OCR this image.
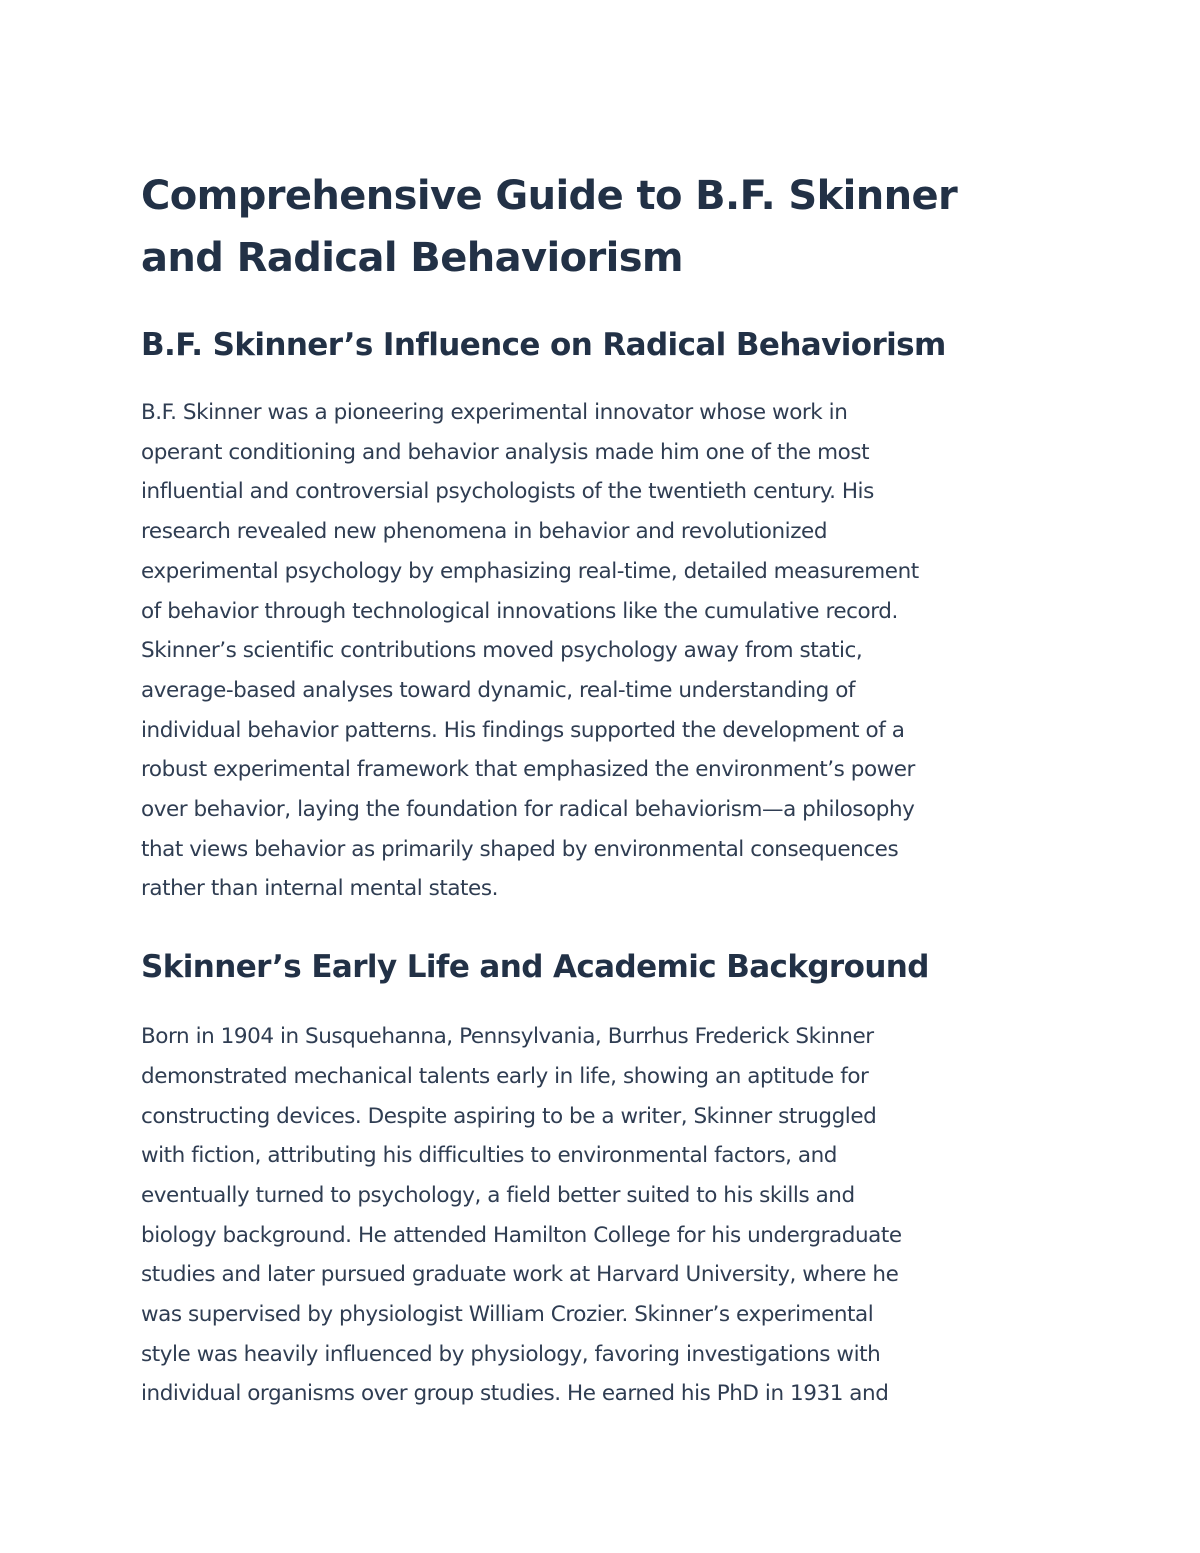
Comprehensive Guide to B.F. Skinner
and Radical Behaviorism
B.F. Skinner’s Influence on Radical Behaviorism

B.F. Skinner was a pioneering experimental innovator whose work in
operant conditioning and behavior analysis made him one of the most
influential and controversial psychologists of the twentieth century. His
research revealed new phenomena in behavior and revolutionized
experimental psychology by emphasizing real-time, detailed measurement
of behavior through technological innovations like the cumulative record.
Skinner’s scientific contributions moved psychology away from static,
average-based analyses toward dynamic, real-time understanding of
individual behavior patterns. His findings supported the development of a
robust experimental framework that emphasized the environment’s power
over behavior, laying the foundation for radical behaviorism—a philosophy
that views behavior as primarily shaped by environmental consequences
rather than internal mental states.

Skinner’s Early Life and Academic Background

Born in 1904 in Susquehanna, Pennsylvania, Burrhus Frederick Skinner
demonstrated mechanical talents early in life, showing an aptitude for
constructing devices. Despite aspiring to be a writer, Skinner struggled
with fiction, attributing his difficulties to environmental factors, and
eventually turned to psychology, a field better suited to his skills and
biology background. He attended Hamilton College for his undergraduate
studies and later pursued graduate work at Harvard University, where he
was supervised by physiologist William Crozier. Skinner’s experimental
style was heavily influenced by physiology, favoring investigations with
individual organisms over group studies. He earned his PhD in 1931 and
